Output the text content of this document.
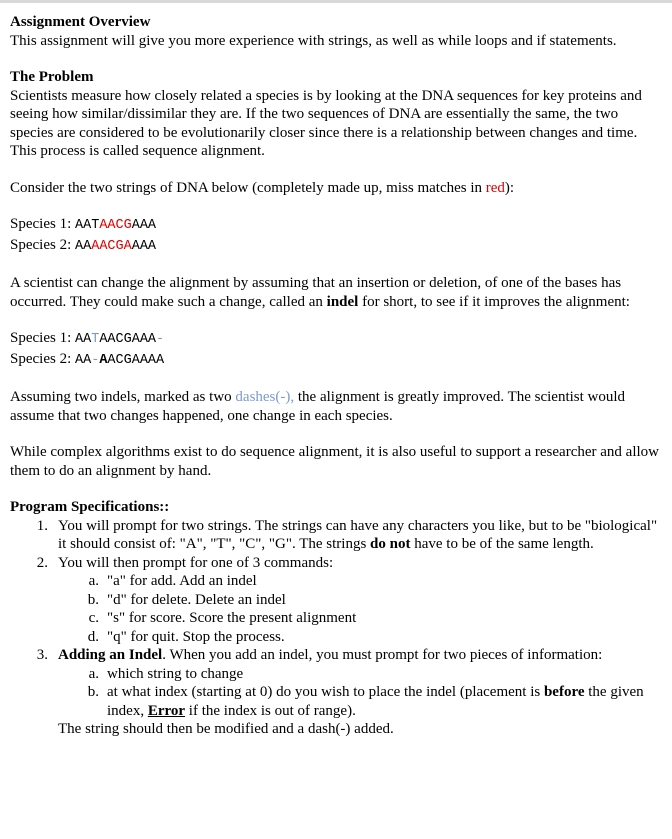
Assignment Overview

This assignment will give you more experience with strings, as well as while loops and if statements.

The Problem

Scientists measure how closely related a species is by looking at the DNA sequences for key proteins and seeing how similar/dissimilar they are. If the two sequences of DNA are essentially the same, the two species are considered to be evolutionarily closer since there is a relationship between changes and time. This process is called sequence alignment.

Consider the two strings of DNA below (completely made up, miss matches in red):

Species 1: AATAACGAAA

Species 2: AAAACGAAAA

A scientist can change the alignment by assuming that an insertion or deletion, of one of the bases has occurred. They could make such a change, called an indel for short, to see if it improves the alignment:

Species 1: AATAACGAAA-

Species 2: AA-AACGAAAA

Assuming two indels, marked as two dashes(-), the alignment is greatly improved. The scientist would assume that two changes happened, one change in each species.

While complex algorithms exist to do sequence alignment, it is also useful to support a researcher and allow them to do an alignment by hand.

Program Specifications::
1. You will prompt for two strings. The strings can have any characters you like, but to be "biological" it should consist of: "A", "T", "C", "G". The strings do not have to be of the same length.
2. You will then prompt for one of 3 commands:
a. "a" for add. Add an indel
b. "d" for delete. Delete an indel
c. "s" for score. Score the present alignment
d. "q" for quit. Stop the process.
3. Adding an Indel. When you add an indel, you must prompt for two pieces of information:
a. which string to change
b. at what index (starting at 0) do you wish to place the indel (placement is before the given index, Error if the index is out of range).

The string should then be modified and a dash(-) added.
